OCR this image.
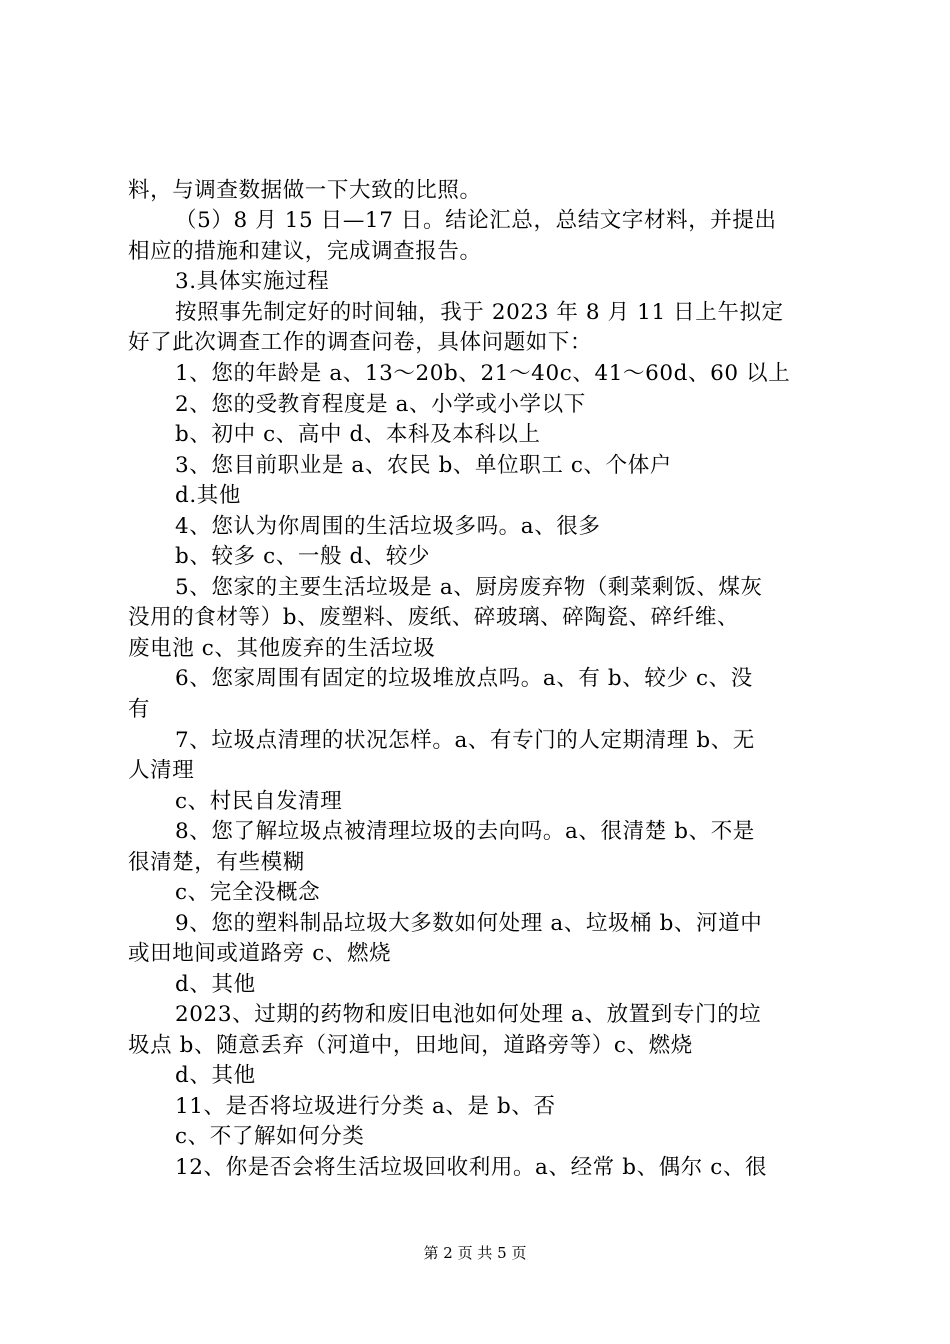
料，与调查数据做一下大致的比照。
（5）8 月 15 日—17 日。结论汇总，总结文字材料，并提出
相应的措施和建议，完成调查报告。
3.具体实施过程
按照事先制定好的时间轴，我于 2023 年 8 月 11 日上午拟定
好了此次调查工作的调查问卷，具体问题如下：
1、您的年龄是 a、13～20b、21～40c、41～60d、60 以上
2、您的受教育程度是 a、小学或小学以下
b、初中 c、高中 d、本科及本科以上
3、您目前职业是 a、农民 b、单位职工 c、个体户
d.其他
4、您认为你周围的生活垃圾多吗。a、很多
b、较多 c、一般 d、较少
5、您家的主要生活垃圾是 a、厨房废弃物（剩菜剩饭、煤灰
没用的食材等）b、废塑料、废纸、碎玻璃、碎陶瓷、碎纤维、
废电池 c、其他废弃的生活垃圾
6、您家周围有固定的垃圾堆放点吗。a、有 b、较少 c、没
有
7、垃圾点清理的状况怎样。a、有专门的人定期清理 b、无
人清理
c、村民自发清理
8、您了解垃圾点被清理垃圾的去向吗。a、很清楚 b、不是
很清楚，有些模糊
c、完全没概念
9、您的塑料制品垃圾大多数如何处理 a、垃圾桶 b、河道中
或田地间或道路旁 c、燃烧
d、其他
2023、过期的药物和废旧电池如何处理 a、放置到专门的垃
圾点 b、随意丢弃（河道中，田地间，道路旁等）c、燃烧
d、其他
11、是否将垃圾进行分类 a、是 b、否
c、不了解如何分类
12、你是否会将生活垃圾回收利用。a、经常 b、偶尔 c、很
第 2 页 共 5 页
